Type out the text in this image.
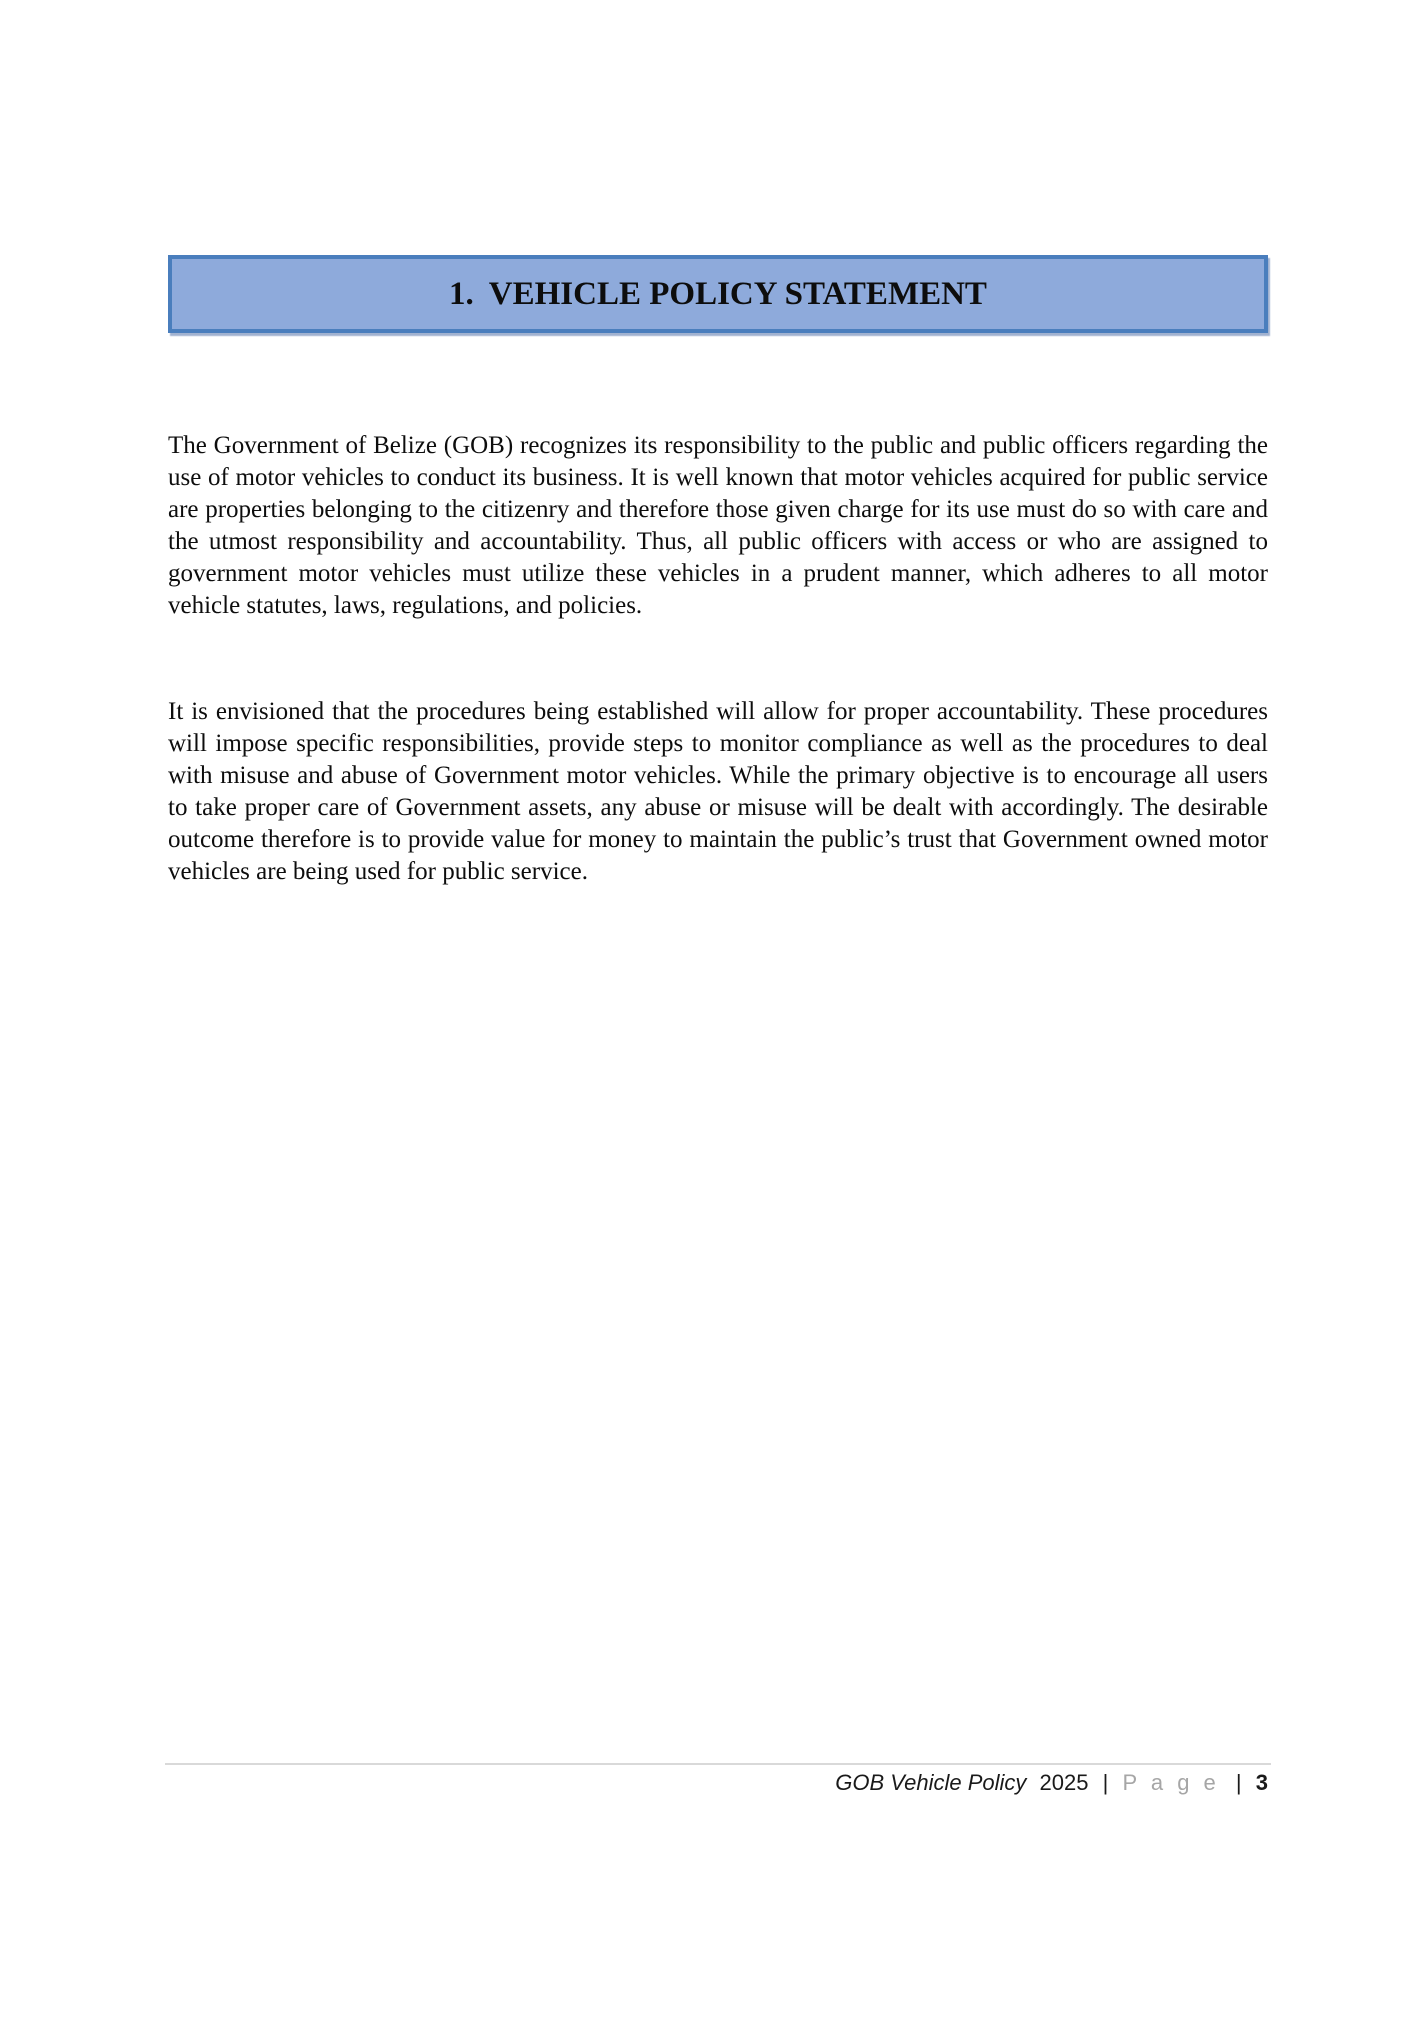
1. VEHICLE POLICY STATEMENT

The Government of Belize (GOB) recognizes its responsibility to the public and public officers regarding the use of motor vehicles to conduct its business. It is well known that motor vehicles acquired for public service are properties belonging to the citizenry and therefore those given charge for its use must do so with care and the utmost responsibility and accountability. Thus, all public officers with access or who are assigned to government motor vehicles must utilize these vehicles in a prudent manner, which adheres to all motor vehicle statutes, laws, regulations, and policies.

It is envisioned that the procedures being established will allow for proper accountability. These procedures will impose specific responsibilities, provide steps to monitor compliance as well as the procedures to deal with misuse and abuse of Government motor vehicles. While the primary objective is to encourage all users to take proper care of Government assets, any abuse or misuse will be dealt with accordingly. The desirable outcome therefore is to provide value for money to maintain the public’s trust that Government owned motor vehicles are being used for public service.

GOB Vehicle Policy 2025 | P a g e | 3
